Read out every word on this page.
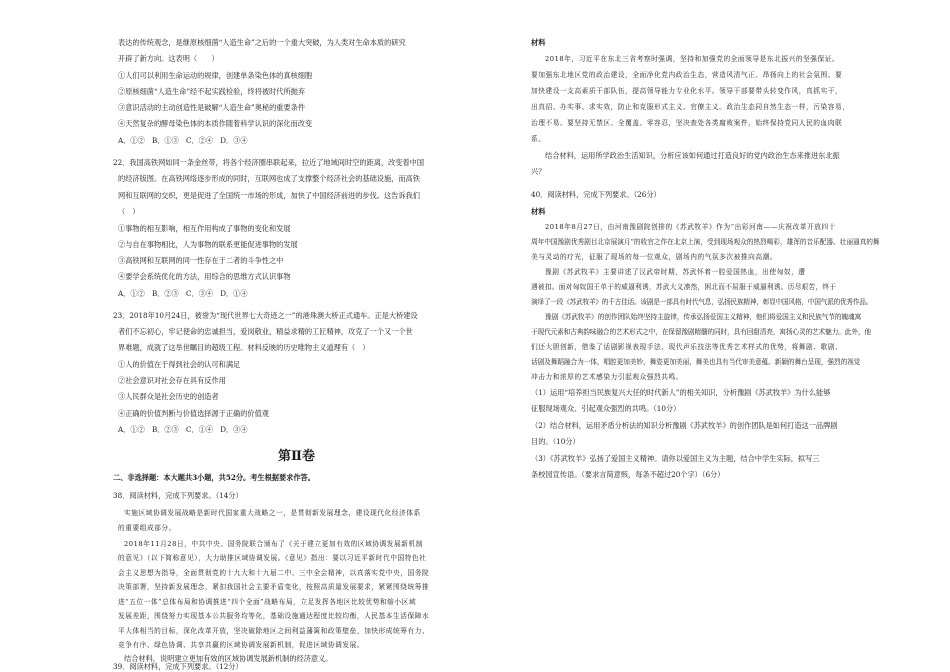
表达的传统观念，是继原核细菌“人造生命”之后的一个重大突破，为人类对生命本质的研究
开辟了新方向。这表明（　　）
①人们可以利用生命运动的规律，创建单条染色体的真核细胞
②原核细菌“人造生命”经不起实践检验，终将被时代所抛弃
③意识活动的主动创造性是破解“人造生命”奥秘的重要条件
④天然复杂的酵母染色体的本质作随着科学认识的深化而改变
A．①②　B．①③　C．②④　D．③④
22．我国高铁网如同一条金丝带，将各个经济圈串联起来，拉近了地域间时空的距离，改变着中国
的经济版图。在高铁网络逐步形成的同时，互联网也成了支撑整个经济社会的基础设施，而高铁
网和互联网的交织，更是促进了全国统一市场的形成，加快了中国经济前进的步伐。这告诉我们
（　）
①事物的相互影响，相互作用构成了事物的变化和发展
②与自在事物相比，人为事物的联系更能促进事物的发展
③高铁网和互联网的同一性存在于二者的斗争性之中
④要学会系统优化的方法，用综合的思维方式认识事物
A．①②　B．②③　C．③④　D．①④
23．2018年10月24日，被誉为“现代世界七大奇迹之一”的港珠澳大桥正式通车。正是大桥建设
者们不忘初心，牢记使命的忠诚担当，爱岗敬业，精益求精的工匠精神，攻克了一个又一个世
界难题，成就了这举世瞩目的超级工程。材料反映的历史唯物主义道理有（　）
①人的价值在于得到社会的认可和满足
②社会意识对社会存在具有反作用
③人民群众是社会历史的创造者
④正确的价值判断与价值选择源于正确的价值观
A．①②　B．②③　C．①④　D．③④
第Ⅱ卷
二、非选择题：本大题共3小题，共52分。考生根据要求作答。
38．阅读材料，完成下列要求。（14分）
实施区域协调发展战略是新时代国家重大战略之一，是贯彻新发展理念，建设现代化经济体系
的重要组成部分。
2018年11月28日，中共中央、国务院联合颁布了《关于建立更加有效的区域协调发展新机制
的意见》（以下简称意见），大力助推区域协调发展。《意见》指出：要以习近平新时代中国特色社
会主义思想为指导，全面贯彻党的十九大和十九届二中、三中全会精神，以真落实党中央，国务院
决策部署，坚持新发展理念，紧扣我国社会主要矛盾变化，按照高质量发展要求，紧紧围绕统筹推
进“五位一体”总体布局和协调推进“四个全面”战略布局，立足发挥各地区比较优势和缩小区域
发展差距，围绕努力实现基本公共服务均等化，基础设施通达程度比较均衡，人民基本生活保障水
平大体相当的目标，深化改革开放，坚决破除地区之间利益藩篱和政策壁垒，加快形成统筹有力、
竞争有序、绿色协调、共享共赢的区域协调发展新机制，促进区域协调发展。
结合材料，说明建立更加有效的区域协调发展新机制的经济意义。
39．阅读材料，完成下列要求。（12分）
材料
2018年，习近平在东北三省考察时强调，坚持和加强党的全面领导是东北振兴的坚强保证。
要加强东北地区党的政治建设，全面净化党内政治生态，营造风清气正、昂扬向上的社会氛围。要
加快建设一支高素质干部队伍，提高领导能力专业化水平。领导干部要带头转变作风，真抓实干，
出真招、办实事、求实效，防止和克服形式主义、官僚主义。政治生态同自然生态一样，污染容易，
治理不易。要坚持无禁区、全覆盖、零容忍，坚决查处各类腐败案件，始终保持党同人民的血肉联
系。
结合材料，运用所学政治生活知识，分析应该如何通过打造良好的党内政治生态来推进东北振
兴？
40．阅读材料，完成下列要求。（26分）
材料
2018年8月27日，由河南豫剧院创排的《苏武牧羊》作为“出彩河南——庆祝改革开放四十
周年中国豫剧优秀剧目北京展演月”的收官之作在北京上演，受到现场观众的热烈喝彩，雄浑的音乐配器、壮丽逼真的舞
美与灵动的疗光，征服了现场的每一位观众，剧场内的气氛多次被推向高潮。
豫剧《苏武牧羊》主要讲述了汉武帝时期，苏武怀着一腔爱国热血，出使匈奴，遭
遇被扣。面对匈奴国王单于的威逼利诱，苏武大义凛然，困北而不屈服于威逼利诱。历尽艰苦，终于
演绎了一段《苏武牧羊》的千古佳话。该剧是一部具有时代气息，弘扬民族精神，彰显中国风格，中国气派的优秀作品。
豫剧《苏武牧羊》的创作团队始终坚持主旋律，传承弘扬爱国主义精神，他们将爱国主义和民族气节的魄魂寓
于现代元素和古典韵味融合的艺术形式之中，在保留豫剧精髓的同时，具有回甜清亮，寓扬心灵的艺术魅力。此外，他
们还大胆创新，借鉴了话剧影视表现手法、现代声乐技法等优秀艺术样式的优势，将舞剧、歌剧、
话剧及舞蹈融合为一体，唱腔更加美妙，舞姿更加美丽，舞美也具有当代审美意蕴。新颖的舞台呈现，强烈的视觉
冲击力和浓厚的艺术感染力引起观众强烈共鸣。
（1）运用“培养担当民族复兴大任的时代新人”的相关知识，分析豫剧《苏武牧羊》为什么能够
征服现场观众、引起观众强烈的共鸣。（10分）
（2）结合材料，运用矛盾分析法的知识分析豫剧《苏武牧羊》的创作团队是如何打造这一品牌剧
目的。（10分）
（3）《苏武牧羊》弘扬了爱国主义精神。请你以爱国主义为主题，结合中学生实际，拟写三
条校园宣传语。（要求言简意赅，每条不超过20个字）（6分）
